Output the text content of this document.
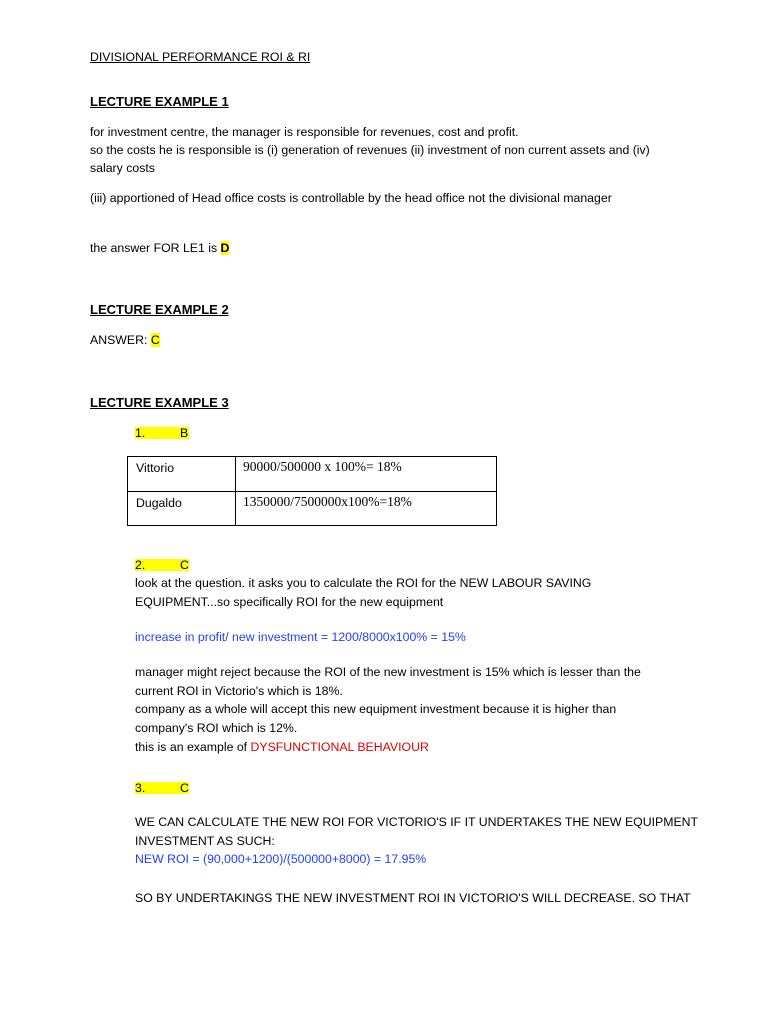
DIVISIONAL PERFORMANCE ROI & RI
LECTURE EXAMPLE 1
for investment centre, the manager is responsible for revenues, cost and profit.
so the costs he is responsible is (i) generation of revenues (ii) investment of non current assets and (iv)
salary costs
(iii) apportioned of Head office costs is controllable by the head office not the divisional manager
the answer FOR LE1 is D
LECTURE EXAMPLE 2
ANSWER: C
LECTURE EXAMPLE 3
1.	B
Vittorio	90000/500000 x 100%= 18%
Dugaldo	1350000/7500000x100%=18%
2.	C
look at the question. it asks you to calculate the ROI for the NEW LABOUR SAVING
EQUIPMENT...so specifically ROI for the new equipment
increase in profit/ new investment = 1200/8000x100% = 15%
manager might reject because the ROI of the new investment is 15% which is lesser than the
current ROI in Victorio's which is 18%.
company as a whole will accept this new equipment investment because it is higher than
company's ROI which is 12%.
this is an example of DYSFUNCTIONAL BEHAVIOUR
3.	C
WE CAN CALCULATE THE NEW ROI FOR VICTORIO'S IF IT UNDERTAKES THE NEW EQUIPMENT
INVESTMENT AS SUCH:
NEW ROI = (90,000+1200)/(500000+8000) = 17.95%
SO BY UNDERTAKINGS THE NEW INVESTMENT ROI IN VICTORIO'S WILL DECREASE. SO THAT
